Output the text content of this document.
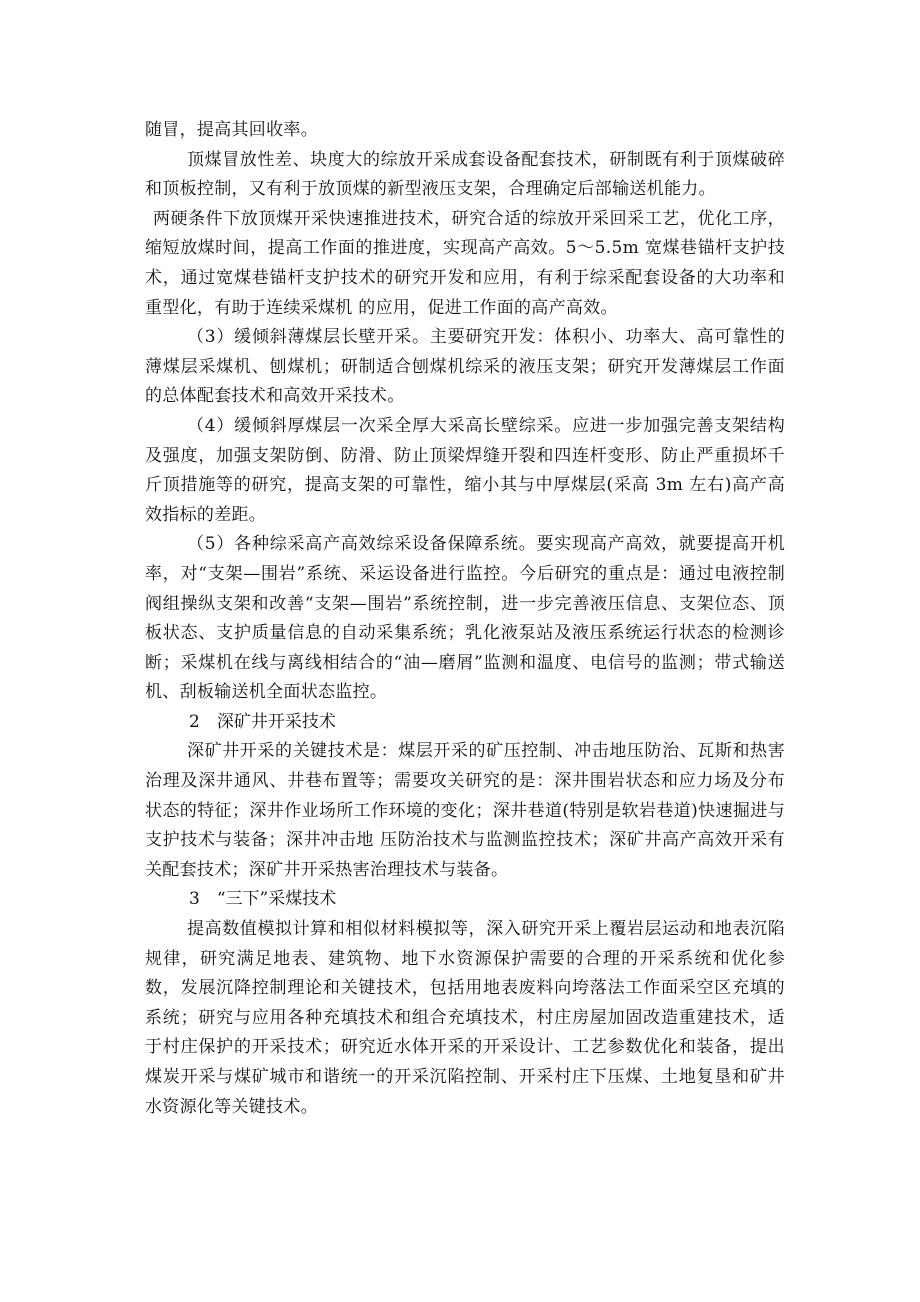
随冒，提高其回收率。

顶煤冒放性差、块度大的综放开采成套设备配套技术，研制既有利于顶煤破碎和顶板控制，又有利于放顶煤的新型液压支架，合理确定后部输送机能力。

两硬条件下放顶煤开采快速推进技术，研究合适的综放开采回采工艺，优化工序，缩短放煤时间，提高工作面的推进度，实现高产高效。5～5.5m 宽煤巷锚杆支护技术，通过宽煤巷锚杆支护技术的研究开发和应用，有利于综采配套设备的大功率和重型化，有助于连续采煤机 的应用，促进工作面的高产高效。

（3）缓倾斜薄煤层长壁开采。主要研究开发：体积小、功率大、高可靠性的薄煤层采煤机、刨煤机；研制适合刨煤机综采的液压支架；研究开发薄煤层工作面的总体配套技术和高效开采技术。

（4）缓倾斜厚煤层一次采全厚大采高长壁综采。应进一步加强完善支架结构及强度，加强支架防倒、防滑、防止顶梁焊缝开裂和四连杆变形、防止严重损坏千斤顶措施等的研究，提高支架的可靠性，缩小其与中厚煤层(采高 3m 左右)高产高效指标的差距。

（5）各种综采高产高效综采设备保障系统。要实现高产高效，就要提高开机率，对“支架—围岩”系统、采运设备进行监控。今后研究的重点是：通过电液控制阀组操纵支架和改善“支架—围岩”系统控制，进一步完善液压信息、支架位态、顶板状态、支护质量信息的自动采集系统；乳化液泵站及液压系统运行状态的检测诊断；采煤机在线与离线相结合的“油—磨屑”监测和温度、电信号的监测；带式输送机、刮板输送机全面状态监控。

2　深矿井开采技术

深矿井开采的关键技术是：煤层开采的矿压控制、冲击地压防治、瓦斯和热害治理及深井通风、井巷布置等；需要攻关研究的是：深井围岩状态和应力场及分布状态的特征；深井作业场所工作环境的变化；深井巷道(特别是软岩巷道)快速掘进与支护技术与装备；深井冲击地 压防治技术与监测监控技术；深矿井高产高效开采有关配套技术；深矿井开采热害治理技术与装备。

3　“三下”采煤技术

提高数值模拟计算和相似材料模拟等，深入研究开采上覆岩层运动和地表沉陷规律，研究满足地表、建筑物、地下水资源保护需要的合理的开采系统和优化参数，发展沉降控制理论和关键技术，包括用地表废料向垮落法工作面采空区充填的系统；研究与应用各种充填技术和组合充填技术，村庄房屋加固改造重建技术，适于村庄保护的开采技术；研究近水体开采的开采设计、工艺参数优化和装备，提出煤炭开采与煤矿城市和谐统一的开采沉陷控制、开采村庄下压煤、土地复垦和矿井水资源化等关键技术。
